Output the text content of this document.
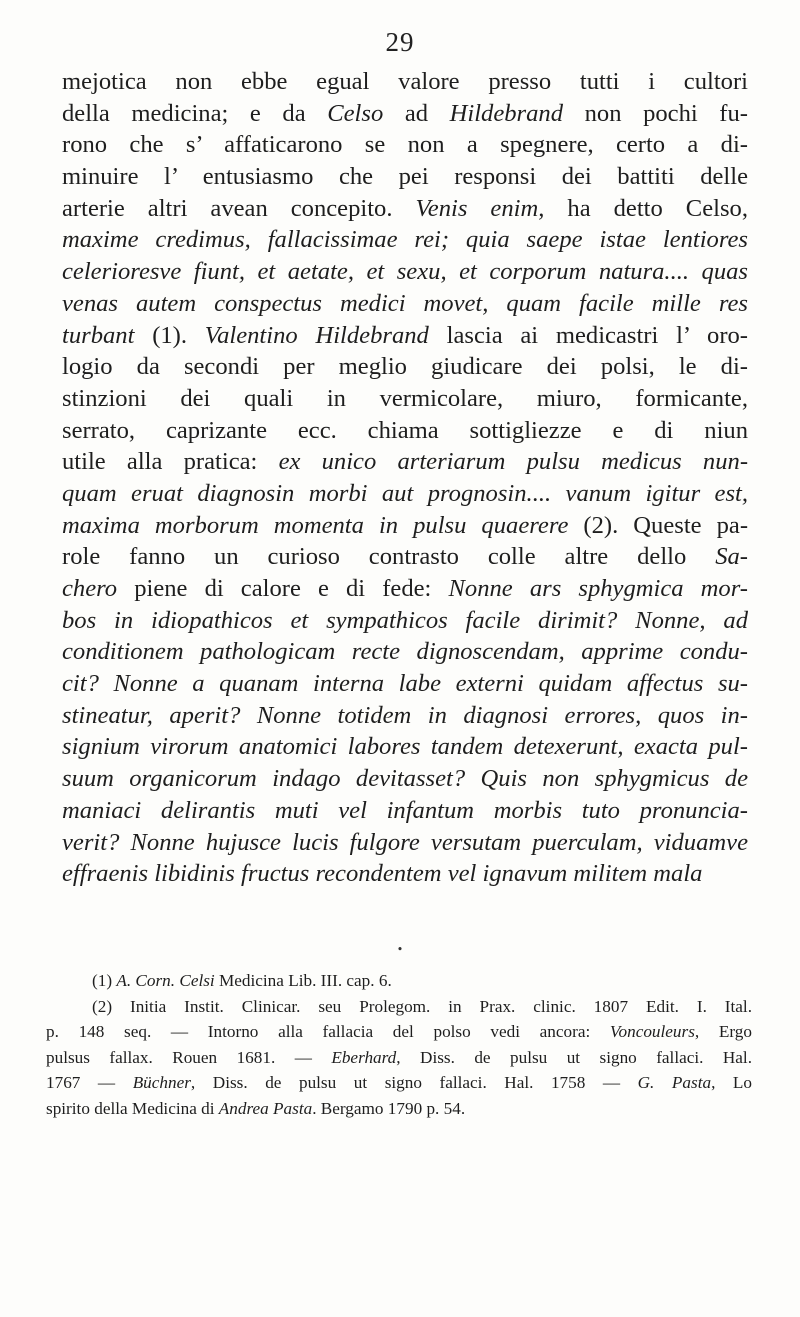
29
mejotica non ebbe egual valore presso tutti i cultori
della medicina; e da Celso ad Hildebrand non pochi fu-
rono che s’ affaticarono se non a spegnere, certo a di-
minuire l’ entusiasmo che pei responsi dei battiti delle
arterie altri avean concepito. Venis enim, ha detto Celso,
maxime credimus, fallacissimae rei; quia saepe istae lentiores
celerioresve fiunt, et aetate, et sexu, et corporum natura.... quas
venas autem conspectus medici movet, quam facile mille res
turbant (1). Valentino Hildebrand lascia ai medicastri l’ oro-
logio da secondi per meglio giudicare dei polsi, le di-
stinzioni dei quali in vermicolare, miuro, formicante,
serrato, caprizante ecc. chiama sottigliezze e di niun
utile alla pratica: ex unico arteriarum pulsu medicus nun-
quam eruat diagnosin morbi aut prognosin.... vanum igitur est,
maxima morborum momenta in pulsu quaerere (2). Queste pa-
role fanno un curioso contrasto colle altre dello Sa-
chero piene di calore e di fede: Nonne ars sphygmica mor-
bos in idiopathicos et sympathicos facile dirimit? Nonne, ad
conditionem pathologicam recte dignoscendam, apprime condu-
cit? Nonne a quanam interna labe externi quidam affectus su-
stineatur, aperit? Nonne totidem in diagnosi errores, quos in-
signium virorum anatomici labores tandem detexerunt, exacta pul-
suum organicorum indago devitasset? Quis non sphygmicus de
maniaci delirantis muti vel infantum morbis tuto pronuncia-
verit? Nonne hujusce lucis fulgore versutam puerculam, viduamve
effraenis libidinis fructus recondentem vel ignavum militem mala
•
(1) A. Corn. Celsi Medicina Lib. III. cap. 6.
(2) Initia Instit. Clinicar. seu Prolegom. in Prax. clinic. 1807 Edit. I. Ital.
p. 148 seq. — Intorno alla fallacia del polso vedi ancora: Voncouleurs, Ergo
pulsus fallax. Rouen 1681. — Eberhard, Diss. de pulsu ut signo fallaci. Hal.
1767 — Büchner, Diss. de pulsu ut signo fallaci. Hal. 1758 — G. Pasta, Lo
spirito della Medicina di Andrea Pasta. Bergamo 1790 p. 54.
